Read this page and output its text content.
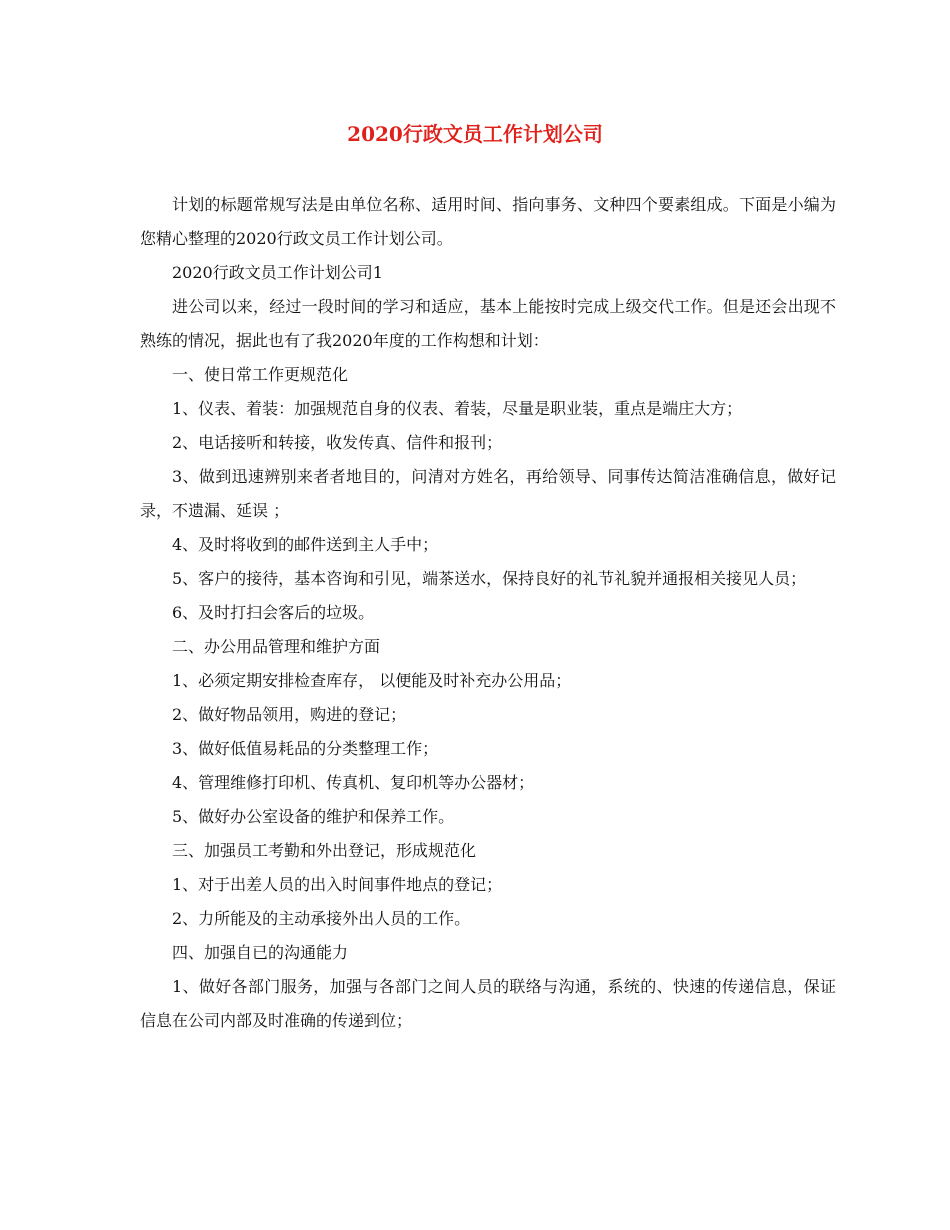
2020行政文员工作计划公司

计划的标题常规写法是由单位名称、适用时间、指向事务、文种四个要素组成。下面是小编为您精心整理的2020行政文员工作计划公司。

2020行政文员工作计划公司1

进公司以来，经过一段时间的学习和适应，基本上能按时完成上级交代工作。但是还会出现不熟练的情况，据此也有了我2020年度的工作构想和计划：

一、使日常工作更规范化

1、仪表、着装：加强规范自身的仪表、着装，尽量是职业装，重点是端庄大方；

2、电话接听和转接，收发传真、信件和报刊；

3、做到迅速辨别来者者地目的，问清对方姓名，再给领导、同事传达简洁准确信息，做好记录，不遗漏、延误 ；

4、及时将收到的邮件送到主人手中；

5、客户的接待，基本咨询和引见，端茶送水，保持良好的礼节礼貌并通报相关接见人员；

6、及时打扫会客后的垃圾。

二、办公用品管理和维护方面

1、必须定期安排检查库存， 以便能及时补充办公用品；

2、做好物品领用，购进的登记；

3、做好低值易耗品的分类整理工作；

4、管理维修打印机、传真机、复印机等办公器材；

5、做好办公室设备的维护和保养工作。

三、加强员工考勤和外出登记，形成规范化

1、对于出差人员的出入时间事件地点的登记；

2、力所能及的主动承接外出人员的工作。

四、加强自已的沟通能力

1、做好各部门服务，加强与各部门之间人员的联络与沟通，系统的、快速的传递信息，保证信息在公司内部及时准确的传递到位；
